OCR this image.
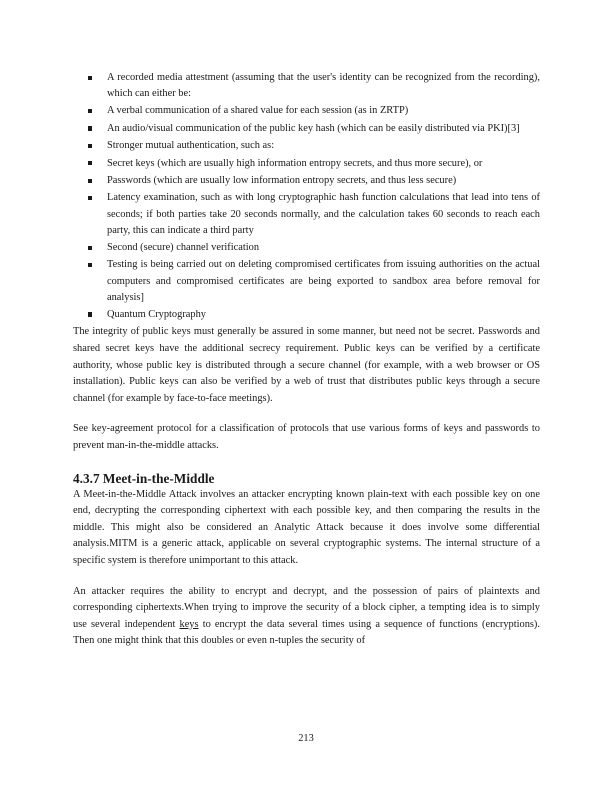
A recorded media attestment (assuming that the user's identity can be recognized from the recording), which can either be:
A verbal communication of a shared value for each session (as in ZRTP)
An audio/visual communication of the public key hash (which can be easily distributed via PKI)[3]
Stronger mutual authentication, such as:
Secret keys (which are usually high information entropy secrets, and thus more secure), or
Passwords (which are usually low information entropy secrets, and thus less secure)
Latency examination, such as with long cryptographic hash function calculations that lead into tens of seconds; if both parties take 20 seconds normally, and the calculation takes 60 seconds to reach each party, this can indicate a third party
Second (secure) channel verification
Testing is being carried out on deleting compromised certificates from issuing authorities on the actual computers and compromised certificates are being exported to sandbox area before removal for analysis]
Quantum Cryptography

The integrity of public keys must generally be assured in some manner, but need not be secret. Passwords and shared secret keys have the additional secrecy requirement. Public keys can be verified by a certificate authority, whose public key is distributed through a secure channel (for example, with a web browser or OS installation). Public keys can also be verified by a web of trust that distributes public keys through a secure channel (for example by face-to-face meetings).

See key-agreement protocol for a classification of protocols that use various forms of keys and passwords to prevent man-in-the-middle attacks.

4.3.7 Meet-in-the-Middle

A Meet-in-the-Middle Attack involves an attacker encrypting known plain-text with each possible key on one end, decrypting the corresponding ciphertext with each possible key, and then comparing the results in the middle. This might also be considered an Analytic Attack because it does involve some differential analysis.MITM is a generic attack, applicable on several cryptographic systems. The internal structure of a specific system is therefore unimportant to this attack.

An attacker requires the ability to encrypt and decrypt, and the possession of pairs of plaintexts and corresponding ciphertexts.When trying to improve the security of a block cipher, a tempting idea is to simply use several independent keys to encrypt the data several times using a sequence of functions (encryptions). Then one might think that this doubles or even n-tuples the security of

213
